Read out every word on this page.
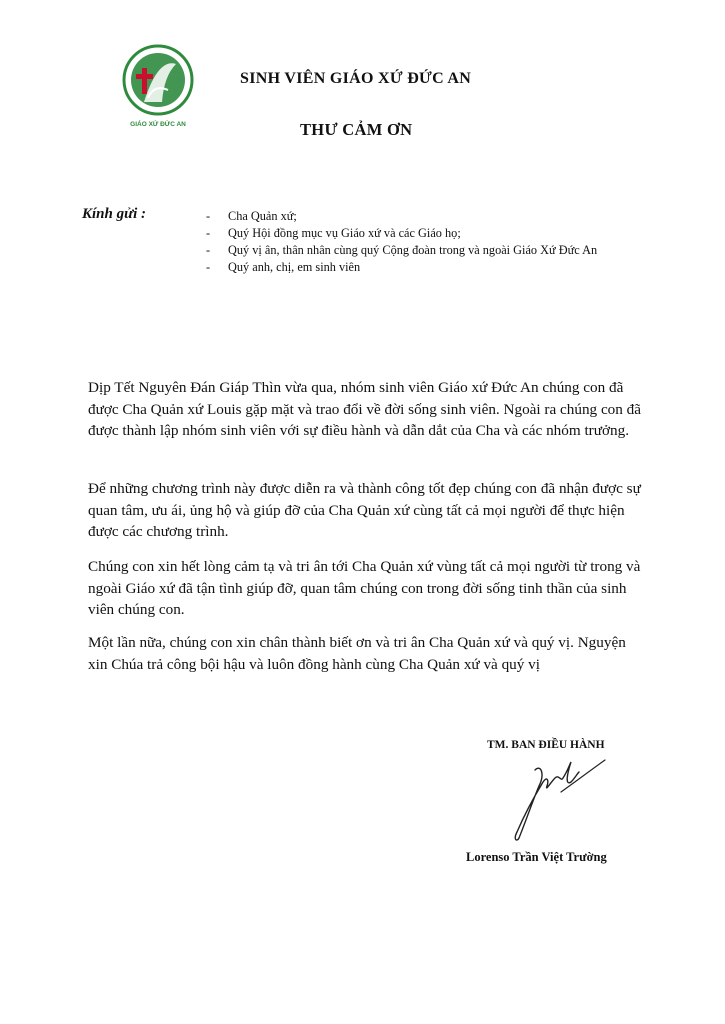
GIÁO XỨ ĐỨC AN
SINH VIÊN GIÁO XỨ ĐỨC AN
THƯ CẢM ƠN
Kính gửi :	- Cha Quản xứ;
- Quý Hội đồng mục vụ Giáo xứ và các Giáo họ;
- Quý vị ân, thân nhân cùng quý Cộng đoàn trong và ngoài Giáo Xứ Đức An
- Quý anh, chị, em sinh viên

Dịp Tết Nguyên Đán Giáp Thìn vừa qua, nhóm sinh viên Giáo xứ Đức An chúng con đã được Cha Quản xứ Louis gặp mặt và trao đổi về đời sống sinh viên. Ngoài ra chúng con đã được thành lập nhóm sinh viên với sự điều hành và dẫn dắt của Cha và các nhóm trưởng.

Để những chương trình này được diễn ra và thành công tốt đẹp chúng con đã nhận được sự quan tâm, ưu ái, ủng hộ và giúp đỡ của Cha Quản xứ cùng tất cả mọi người để thực hiện được các chương trình.

Chúng con xin hết lòng cảm tạ và tri ân tới Cha Quản xứ vùng tất cả mọi người từ trong và ngoài Giáo xứ đã tận tình giúp đỡ, quan tâm chúng con trong đời sống tinh thần của sinh viên chúng con.

Một lần nữa, chúng con xin chân thành biết ơn và tri ân Cha Quản xứ và quý vị. Nguyện xin Chúa trả công bội hậu và luôn đồng hành cùng Cha Quản xứ và quý vị

TM. BAN ĐIỀU HÀNH
Lorenso Trần Việt Trường
